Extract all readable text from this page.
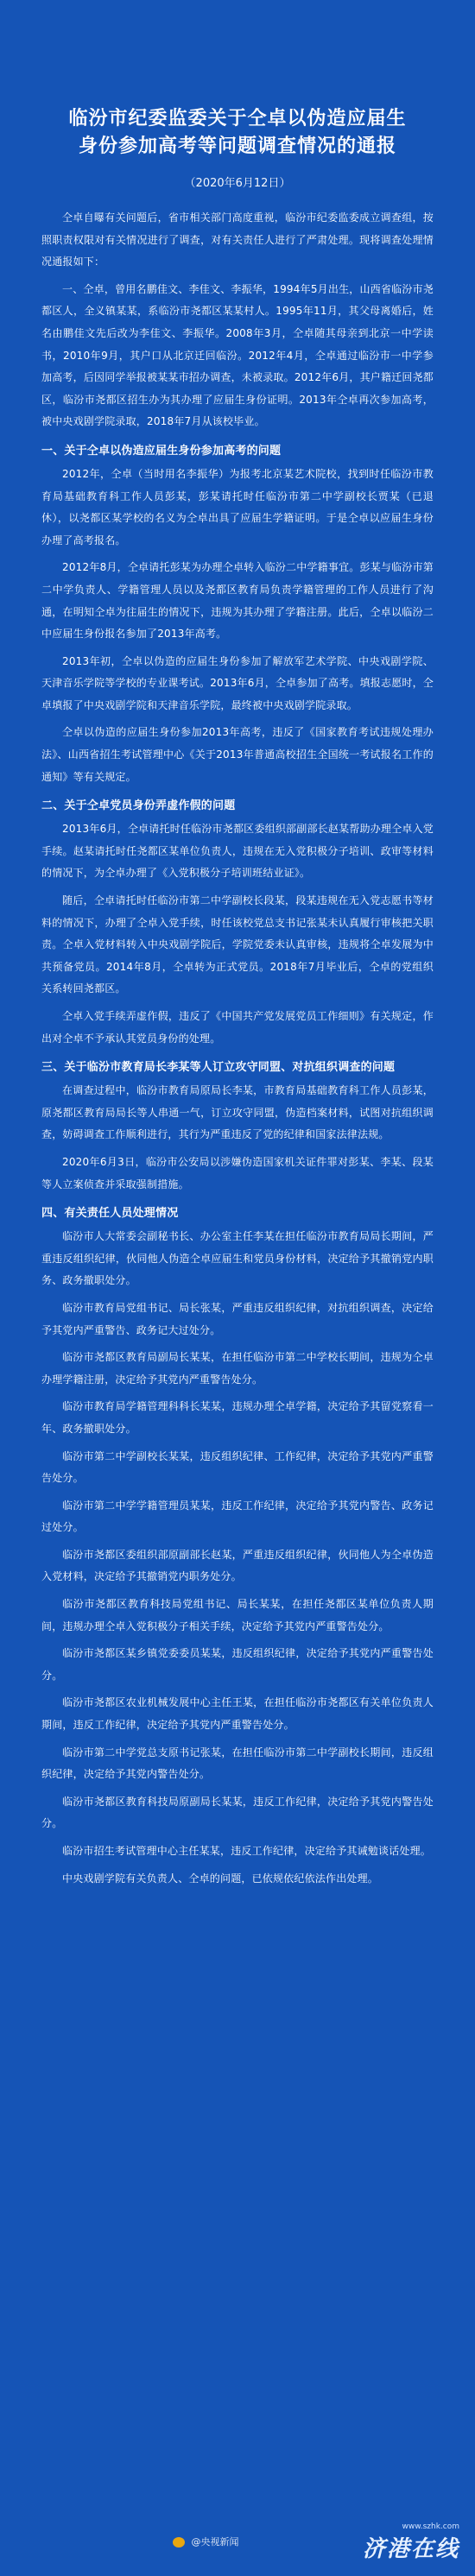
临汾市纪委监委关于仝卓以伪造应届生
身份参加高考等问题调查情况的通报
（2020年6月12日）

仝卓自曝有关问题后，省市相关部门高度重视，临汾市纪委监委成立调查组，按照职责权限对有关情况进行了调查，对有关责任人进行了严肃处理。现将调查处理情况通报如下：

一、仝卓，曾用名鹏佳文、李佳文、李振华，1994年5月出生，山西省临汾市尧都区人，全义镇某某，系临汾市尧都区某某村人。1995年11月，其父母离婚后，姓名由鹏佳文先后改为李佳文、李振华。2008年3月，仝卓随其母亲到北京一中学读书，2010年9月，其户口从北京迁回临汾。2012年4月，仝卓通过临汾市一中学参加高考，后因同学举报被某某市招办调查，未被录取。2012年6月，其户籍迁回尧都区，临汾市尧都区招生办为其办理了应届生身份证明。2013年仝卓再次参加高考，被中央戏剧学院录取，2018年7月从该校毕业。

一、关于仝卓以伪造应届生身份参加高考的问题

2012年，仝卓（当时用名李振华）为报考北京某艺术院校，找到时任临汾市教育局基础教育科工作人员彭某，彭某请托时任临汾市第二中学副校长贾某（已退休），以尧都区某学校的名义为仝卓出具了应届生学籍证明。于是仝卓以应届生身份办理了高考报名。

2012年8月，仝卓请托彭某为办理仝卓转入临汾二中学籍事宜。彭某与临汾市第二中学负责人、学籍管理人员以及尧都区教育局负责学籍管理的工作人员进行了沟通，在明知仝卓为往届生的情况下，违规为其办理了学籍注册。此后，仝卓以临汾二中应届生身份报名参加了2013年高考。

2013年初，仝卓以伪造的应届生身份参加了解放军艺术学院、中央戏剧学院、天津音乐学院等学校的专业课考试。2013年6月，仝卓参加了高考。填报志愿时，仝卓填报了中央戏剧学院和天津音乐学院，最终被中央戏剧学院录取。

仝卓以伪造的应届生身份参加2013年高考，违反了《国家教育考试违规处理办法》、山西省招生考试管理中心《关于2013年普通高校招生全国统一考试报名工作的通知》等有关规定。

二、关于仝卓党员身份弄虚作假的问题

2013年6月，仝卓请托时任临汾市尧都区委组织部副部长赵某帮助办理仝卓入党手续。赵某请托时任尧都区某单位负责人，违规在无入党积极分子培训、政审等材料的情况下，为仝卓办理了《入党积极分子培训班结业证》。

随后，仝卓请托时任临汾市第二中学副校长段某，段某违规在无入党志愿书等材料的情况下，办理了仝卓入党手续，时任该校党总支书记张某未认真履行审核把关职责。仝卓入党材料转入中央戏剧学院后，学院党委未认真审核，违规将仝卓发展为中共预备党员。2014年8月，仝卓转为正式党员。2018年7月毕业后，仝卓的党组织关系转回尧都区。

仝卓入党手续弄虚作假，违反了《中国共产党发展党员工作细则》有关规定，作出对仝卓不予承认其党员身份的处理。

三、关于临汾市教育局长李某等人订立攻守同盟、对抗组织调查的问题

在调查过程中，临汾市教育局原局长李某，市教育局基础教育科工作人员彭某，原尧都区教育局局长等人串通一气，订立攻守同盟，伪造档案材料，试图对抗组织调查，妨碍调查工作顺利进行，其行为严重违反了党的纪律和国家法律法规。

2020年6月3日，临汾市公安局以涉嫌伪造国家机关证件罪对彭某、李某、段某等人立案侦查并采取强制措施。

四、有关责任人员处理情况

临汾市人大常委会副秘书长、办公室主任李某在担任临汾市教育局局长期间，严重违反组织纪律，伙同他人伪造仝卓应届生和党员身份材料，决定给予其撤销党内职务、政务撤职处分。

临汾市教育局党组书记、局长张某，严重违反组织纪律，对抗组织调查，决定给予其党内严重警告、政务记大过处分。

临汾市尧都区教育局副局长某某，在担任临汾市第二中学校长期间，违规为仝卓办理学籍注册，决定给予其党内严重警告处分。

临汾市教育局学籍管理科科长某某，违规办理仝卓学籍，决定给予其留党察看一年、政务撤职处分。

临汾市第二中学副校长某某，违反组织纪律、工作纪律，决定给予其党内严重警告处分。

临汾市第二中学学籍管理员某某，违反工作纪律，决定给予其党内警告、政务记过处分。

临汾市尧都区委组织部原副部长赵某，严重违反组织纪律，伙同他人为仝卓伪造入党材料，决定给予其撤销党内职务处分。

临汾市尧都区教育科技局党组书记、局长某某，在担任尧都区某单位负责人期间，违规办理仝卓入党积极分子相关手续，决定给予其党内严重警告处分。

临汾市尧都区某乡镇党委委员某某，违反组织纪律，决定给予其党内严重警告处分。

临汾市尧都区农业机械发展中心主任王某，在担任临汾市尧都区有关单位负责人期间，违反工作纪律，决定给予其党内严重警告处分。

临汾市第二中学党总支原书记张某，在担任临汾市第二中学副校长期间，违反组织纪律，决定给予其党内警告处分。

临汾市尧都区教育科技局原副局长某某，违反工作纪律，决定给予其党内警告处分。

临汾市招生考试管理中心主任某某，违反工作纪律，决定给予其诫勉谈话处理。

中央戏剧学院有关负责人、仝卓的问题，已依规依纪依法作出处理。

@央视新闻
www.szhk.com
济港在线
